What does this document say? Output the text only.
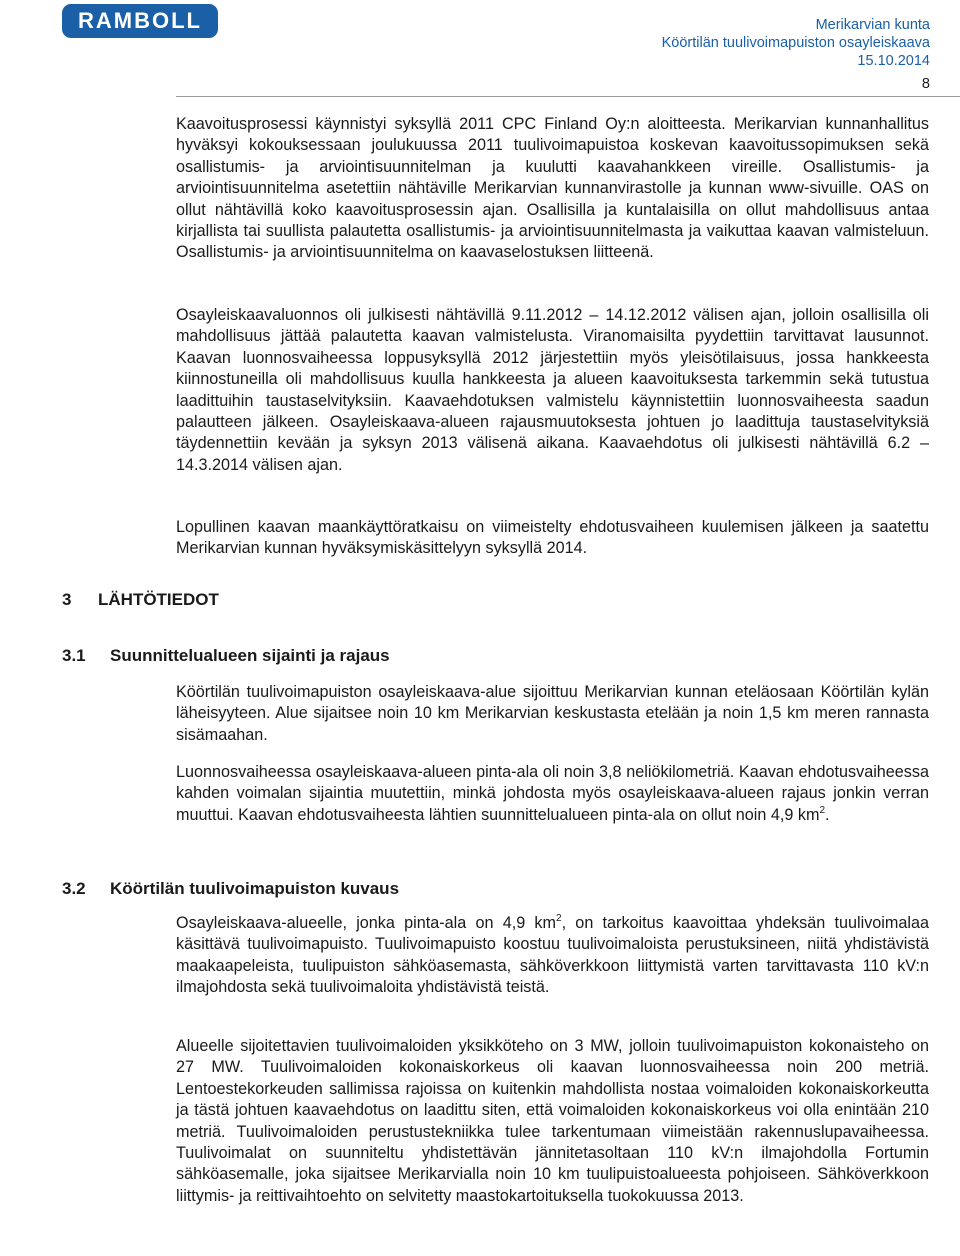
RAMBOLL	Merikarvian kunta
Köörtilän tuulivoimapuiston osayleiskaava
15.10.2014
8

Kaavoitusprosessi käynnistyi syksyllä 2011 CPC Finland Oy:n aloitteesta. Merikarvian kunnanhallitus hyväksyi kokouksessaan joulukuussa 2011 tuulivoimapuistoa koskevan kaavoitussopimuksen sekä osallistumis- ja arviointisuunnitelman ja kuulutti kaavahankkeen vireille. Osallistumis- ja arviointisuunnitelma asetettiin nähtäville Merikarvian kunnanvirastolle ja kunnan www-sivuille. OAS on ollut nähtävillä koko kaavoitusprosessin ajan. Osallisilla ja kuntalaisilla on ollut mahdollisuus antaa kirjallista tai suullista palautetta osallistumis- ja arviointisuunnitelmasta ja vaikuttaa kaavan valmisteluun. Osallistumis- ja arviointisuunnitelma on kaavaselostuksen liitteenä.

Osayleiskaavaluonnos oli julkisesti nähtävillä 9.11.2012 – 14.12.2012 välisen ajan, jolloin osallisilla oli mahdollisuus jättää palautetta kaavan valmistelusta. Viranomaisilta pyydettiin tarvittavat lausunnot. Kaavan luonnosvaiheessa loppusyksyllä 2012 järjestettiin myös yleisötilaisuus, jossa hankkeesta kiinnostuneilla oli mahdollisuus kuulla hankkeesta ja alueen kaavoituksesta tarkemmin sekä tutustua laadittuihin taustaselvityksiin. Kaavaehdotuksen valmistelu käynnistettiin luonnosvaiheesta saadun palautteen jälkeen. Osayleiskaava-alueen rajausmuutoksesta johtuen jo laadittuja taustaselvityksiä täydennettiin kevään ja syksyn 2013 välisenä aikana. Kaavaehdotus oli julkisesti nähtävillä 6.2 – 14.3.2014 välisen ajan.

Lopullinen kaavan maankäyttöratkaisu on viimeistelty ehdotusvaiheen kuulemisen jälkeen ja saatettu Merikarvian kunnan hyväksymiskäsittelyyn syksyllä 2014.

3 LÄHTÖTIEDOT
3.1 Suunnittelualueen sijainti ja rajaus

Köörtilän tuulivoimapuiston osayleiskaava-alue sijoittuu Merikarvian kunnan eteläosaan Köörtilän kylän läheisyyteen. Alue sijaitsee noin 10 km Merikarvian keskustasta etelään ja noin 1,5 km meren rannasta sisämaahan.

Luonnosvaiheessa osayleiskaava-alueen pinta-ala oli noin 3,8 neliökilometriä. Kaavan ehdotusvaiheessa kahden voimalan sijaintia muutettiin, minkä johdosta myös osayleiskaava-alueen rajaus jonkin verran muuttui. Kaavan ehdotusvaiheesta lähtien suunnittelualueen pinta-ala on ollut noin 4,9 $km^2$.

3.2 Köörtilän tuulivoimapuiston kuvaus

Osayleiskaava-alueelle, jonka pinta-ala on 4,9 $km^2$, on tarkoitus kaavoittaa yhdeksän tuulivoimalaa käsittävä tuulivoimapuisto. Tuulivoimapuisto koostuu tuulivoimaloista perustuksineen, niitä yhdistävistä maakaapeleista, tuulipuiston sähköasemasta, sähköverkkoon liittymistä varten tarvittavasta 110 kV:n ilmajohdosta sekä tuulivoimaloita yhdistävistä teistä.

Alueelle sijoitettavien tuulivoimaloiden yksikköteho on 3 MW, jolloin tuulivoimapuiston kokonaisteho on 27 MW. Tuulivoimaloiden kokonaiskorkeus oli kaavan luonnosvaiheessa noin 200 metriä. Lentoestekorkeuden sallimissa rajoissa on kuitenkin mahdollista nostaa voimaloiden kokonaiskorkeutta ja tästä johtuen kaavaehdotus on laadittu siten, että voimaloiden kokonaiskorkeus voi olla enintään 210 metriä. Tuulivoimaloiden perustustekniikka tulee tarkentumaan viimeistään rakennuslupavaiheessa. Tuulivoimalat on suunniteltu yhdistettävän jännitetasoltaan 110 kV:n ilmajohdolla Fortumin sähköasemalle, joka sijaitsee Merikarvialla noin 10 km tuulipuistoalueesta pohjoiseen. Sähköverkkoon liittymis- ja reittivaihtoehto on selvitetty maastokartoituksella tuokokuussa 2013.
